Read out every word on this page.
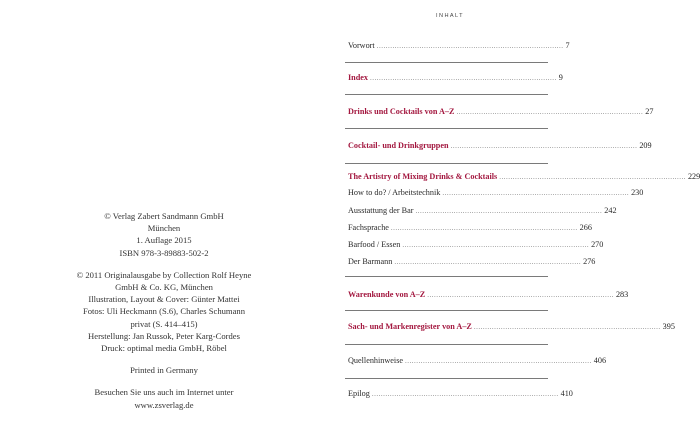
© Verlag Zabert Sandmann GmbH
München
1. Auflage 2015
ISBN 978-3-89883-502-2
© 2011 Originalausgabe by Collection Rolf Heyne
GmbH & Co. KG, München
Illustration, Layout & Cover: Günter Mattei
Fotos: Uli Heckmann (S.6), Charles Schumann
privat (S. 414–415)
Herstellung: Jan Russok, Peter Karg-Cordes
Druck: optimal media GmbH, Röbel
Printed in Germany
Besuchen Sie uns auch im Internet unter
www.zsverlag.de
INHALT
Vorwort ................................................................................... 7
Index ................................................................................... 9
Drinks und Cocktails von A–Z ................................................................................... 27
Cocktail- und Drinkgruppen ................................................................................... 209
The Artistry of Mixing Drinks & Cocktails ................................................................................... 229
How to do? / Arbeitstechnik ................................................................................... 230
Ausstattung der Bar ................................................................................... 242
Fachsprache ................................................................................... 266
Barfood / Essen ................................................................................... 270
Der Barmann ................................................................................... 276
Warenkunde von A–Z ................................................................................... 283
Sach- und Markenregister von A–Z ................................................................................... 395
Quellenhinweise ................................................................................... 406
Epilog ................................................................................... 410
